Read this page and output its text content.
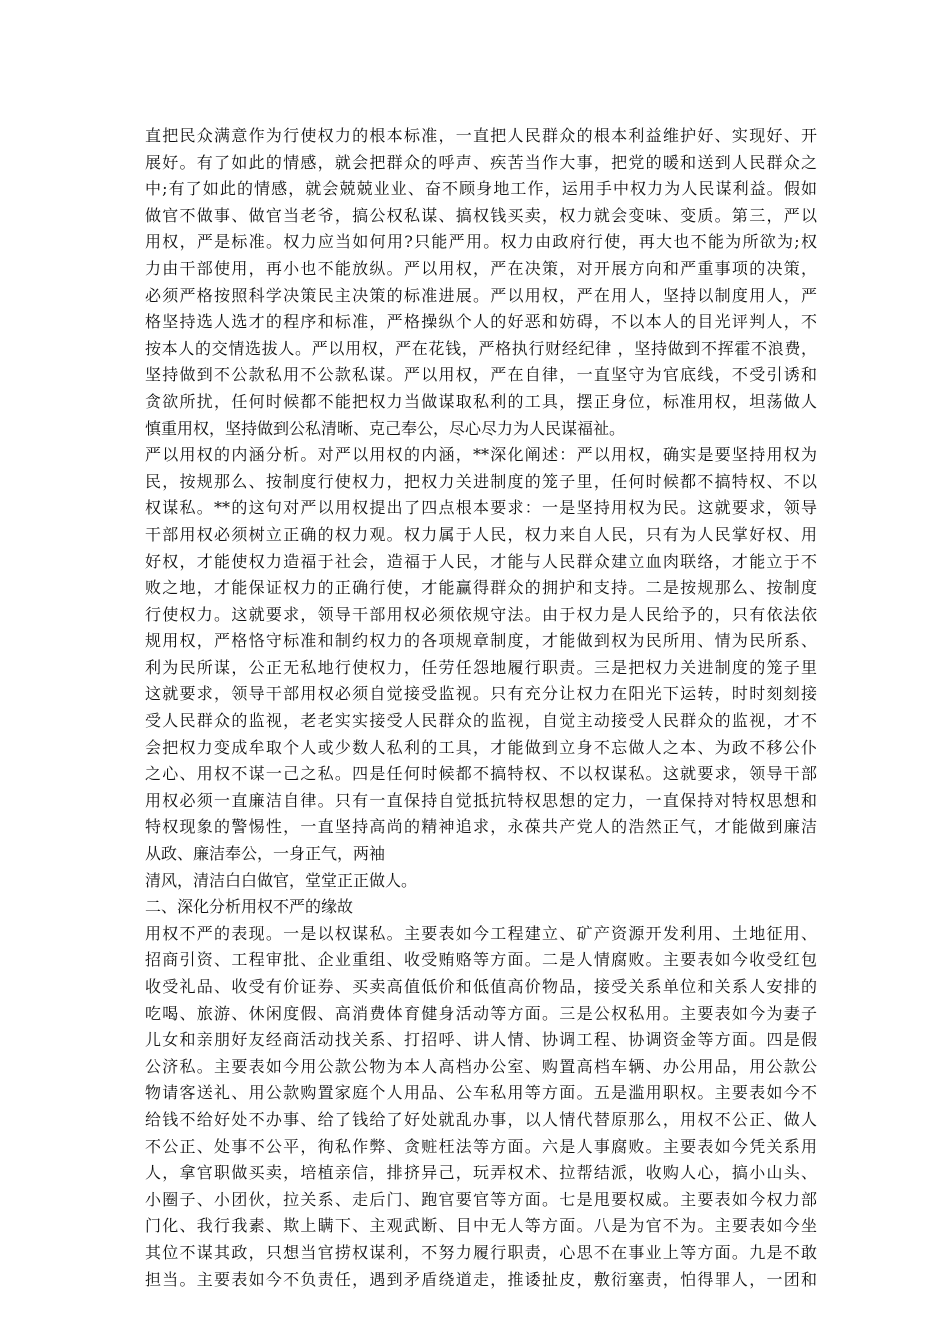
直把民众满意作为行使权力的根本标准，一直把人民群众的根本利益维护好、实现好、开
展好。有了如此的情感，就会把群众的呼声、疾苦当作大事，把党的暖和送到人民群众之
中;有了如此的情感，就会兢兢业业、奋不顾身地工作，运用手中权力为人民谋利益。假如
做官不做事、做官当老爷，搞公权私谋、搞权钱买卖，权力就会变味、变质。第三，严以
用权，严是标准。权力应当如何用?只能严用。权力由政府行使，再大也不能为所欲为;权
力由干部使用，再小也不能放纵。严以用权，严在决策，对开展方向和严重事项的决策，
必须严格按照科学决策民主决策的标准进展。严以用权，严在用人，坚持以制度用人，严
格坚持选人选才的程序和标准，严格操纵个人的好恶和妨碍，不以本人的目光评判人，不
按本人的交情选拔人。严以用权，严在花钱，严格执行财经纪律 ，坚持做到不挥霍不浪费，
坚持做到不公款私用不公款私谋。严以用权，严在自律，一直坚守为官底线，不受引诱和
贪欲所扰，任何时候都不能把权力当做谋取私利的工具，摆正身位，标准用权，坦荡做人
慎重用权，坚持做到公私清晰、克己奉公，尽心尽力为人民谋福祉。
严以用权的内涵分析。对严以用权的内涵，**深化阐述：严以用权，确实是要坚持用权为
民，按规那么、按制度行使权力，把权力关进制度的笼子里，任何时候都不搞特权、不以
权谋私。**的这句对严以用权提出了四点根本要求：一是坚持用权为民。这就要求，领导
干部用权必须树立正确的权力观。权力属于人民，权力来自人民，只有为人民掌好权、用
好权，才能使权力造福于社会，造福于人民，才能与人民群众建立血肉联络，才能立于不
败之地，才能保证权力的正确行使，才能赢得群众的拥护和支持。二是按规那么、按制度
行使权力。这就要求，领导干部用权必须依规守法。由于权力是人民给予的，只有依法依
规用权，严格恪守标准和制约权力的各项规章制度，才能做到权为民所用、情为民所系、
利为民所谋，公正无私地行使权力，任劳任怨地履行职责。三是把权力关进制度的笼子里
这就要求，领导干部用权必须自觉接受监视。只有充分让权力在阳光下运转，时时刻刻接
受人民群众的监视，老老实实接受人民群众的监视，自觉主动接受人民群众的监视，才不
会把权力变成牟取个人或少数人私利的工具，才能做到立身不忘做人之本、为政不移公仆
之心、用权不谋一己之私。四是任何时候都不搞特权、不以权谋私。这就要求，领导干部
用权必须一直廉洁自律。只有一直保持自觉抵抗特权思想的定力，一直保持对特权思想和
特权现象的警惕性，一直坚持高尚的精神追求，永葆共产党人的浩然正气，才能做到廉洁
从政、廉洁奉公，一身正气，两袖
清风，清洁白白做官，堂堂正正做人。
二、深化分析用权不严的缘故
用权不严的表现。一是以权谋私。主要表如今工程建立、矿产资源开发利用、土地征用、
招商引资、工程审批、企业重组、收受贿赂等方面。二是人情腐败。主要表如今收受红包
收受礼品、收受有价证券、买卖高值低价和低值高价物品，接受关系单位和关系人安排的
吃喝、旅游、休闲度假、高消费体育健身活动等方面。三是公权私用。主要表如今为妻子
儿女和亲朋好友经商活动找关系、打招呼、讲人情、协调工程、协调资金等方面。四是假
公济私。主要表如今用公款公物为本人高档办公室、购置高档车辆、办公用品，用公款公
物请客送礼、用公款购置家庭个人用品、公车私用等方面。五是滥用职权。主要表如今不
给钱不给好处不办事、给了钱给了好处就乱办事，以人情代替原那么，用权不公正、做人
不公正、处事不公平，徇私作弊、贪赃枉法等方面。六是人事腐败。主要表如今凭关系用
人，拿官职做买卖，培植亲信，排挤异己，玩弄权术、拉帮结派，收购人心，搞小山头、
小圈子、小团伙，拉关系、走后门、跑官要官等方面。七是甩要权威。主要表如今权力部
门化、我行我素、欺上瞒下、主观武断、目中无人等方面。八是为官不为。主要表如今坐
其位不谋其政，只想当官捞权谋利，不努力履行职责，心思不在事业上等方面。九是不敢
担当。主要表如今不负责任，遇到矛盾绕道走，推诿扯皮，敷衍塞责，怕得罪人，一团和
